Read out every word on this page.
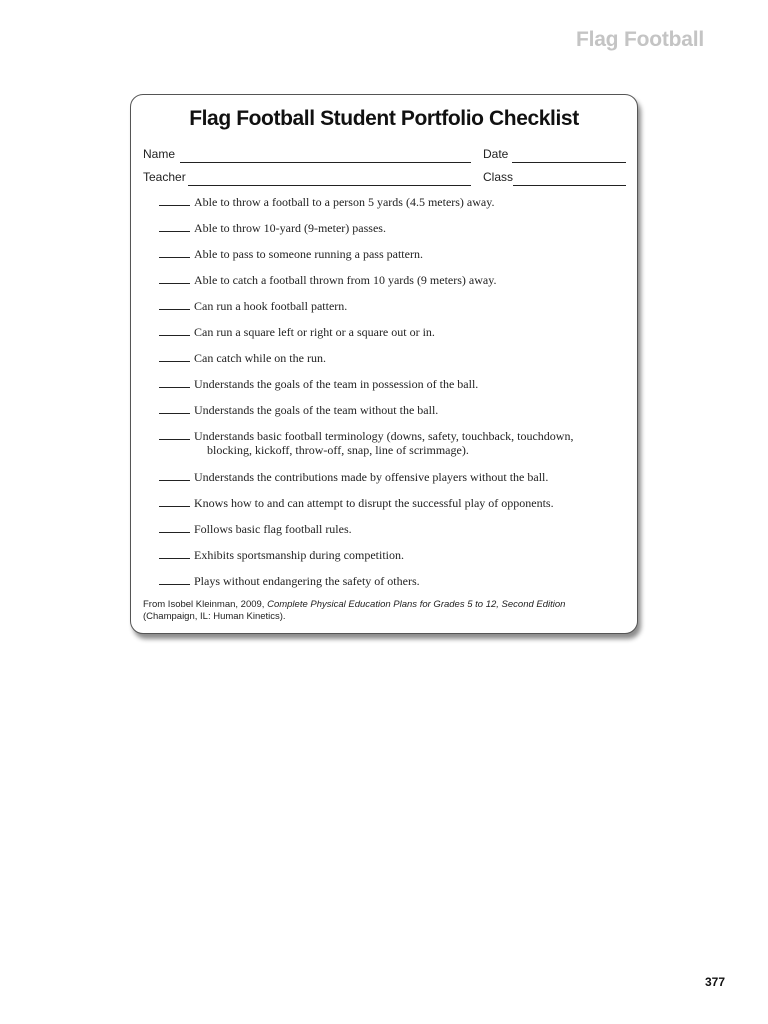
Flag Football
Flag Football Student Portfolio Checklist
Name	Date
Teacher	Class
Able to throw a football to a person 5 yards (4.5 meters) away.
Able to throw 10-yard (9-meter) passes.
Able to pass to someone running a pass pattern.
Able to catch a football thrown from 10 yards (9 meters) away.
Can run a hook football pattern.
Can run a square left or right or a square out or in.
Can catch while on the run.
Understands the goals of the team in possession of the ball.
Understands the goals of the team without the ball.
Understands basic football terminology (downs, safety, touchback, touchdown,
blocking, kickoff, throw-off, snap, line of scrimmage).
Understands the contributions made by offensive players without the ball.
Knows how to and can attempt to disrupt the successful play of opponents.
Follows basic flag football rules.
Exhibits sportsmanship during competition.
Plays without endangering the safety of others.
From Isobel Kleinman, 2009, Complete Physical Education Plans for Grades 5 to 12, Second Edition
(Champaign, IL: Human Kinetics).
377
